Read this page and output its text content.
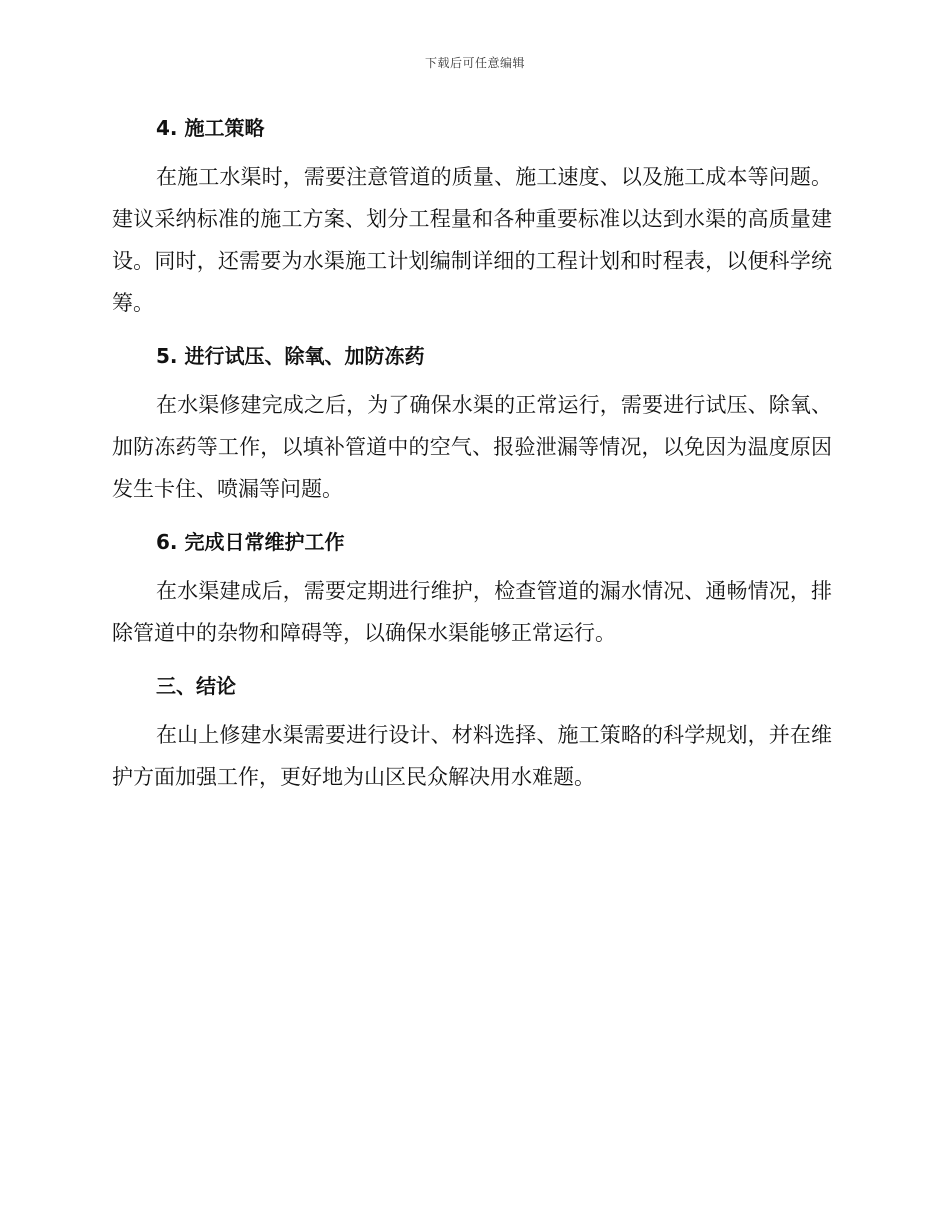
下载后可任意编辑
4. 施工策略

在施工水渠时，需要注意管道的质量、施工速度、以及施工成本等问题。建议采纳标准的施工方案、划分工程量和各种重要标准以达到水渠的高质量建设。同时，还需要为水渠施工计划编制详细的工程计划和时程表，以便科学统筹。

5. 进行试压、除氧、加防冻药

在水渠修建完成之后，为了确保水渠的正常运行，需要进行试压、除氧、加防冻药等工作，以填补管道中的空气、报验泄漏等情况，以免因为温度原因发生卡住、喷漏等问题。

6. 完成日常维护工作

在水渠建成后，需要定期进行维护，检查管道的漏水情况、通畅情况，排除管道中的杂物和障碍等，以确保水渠能够正常运行。

三、结论

在山上修建水渠需要进行设计、材料选择、施工策略的科学规划，并在维护方面加强工作，更好地为山区民众解决用水难题。
